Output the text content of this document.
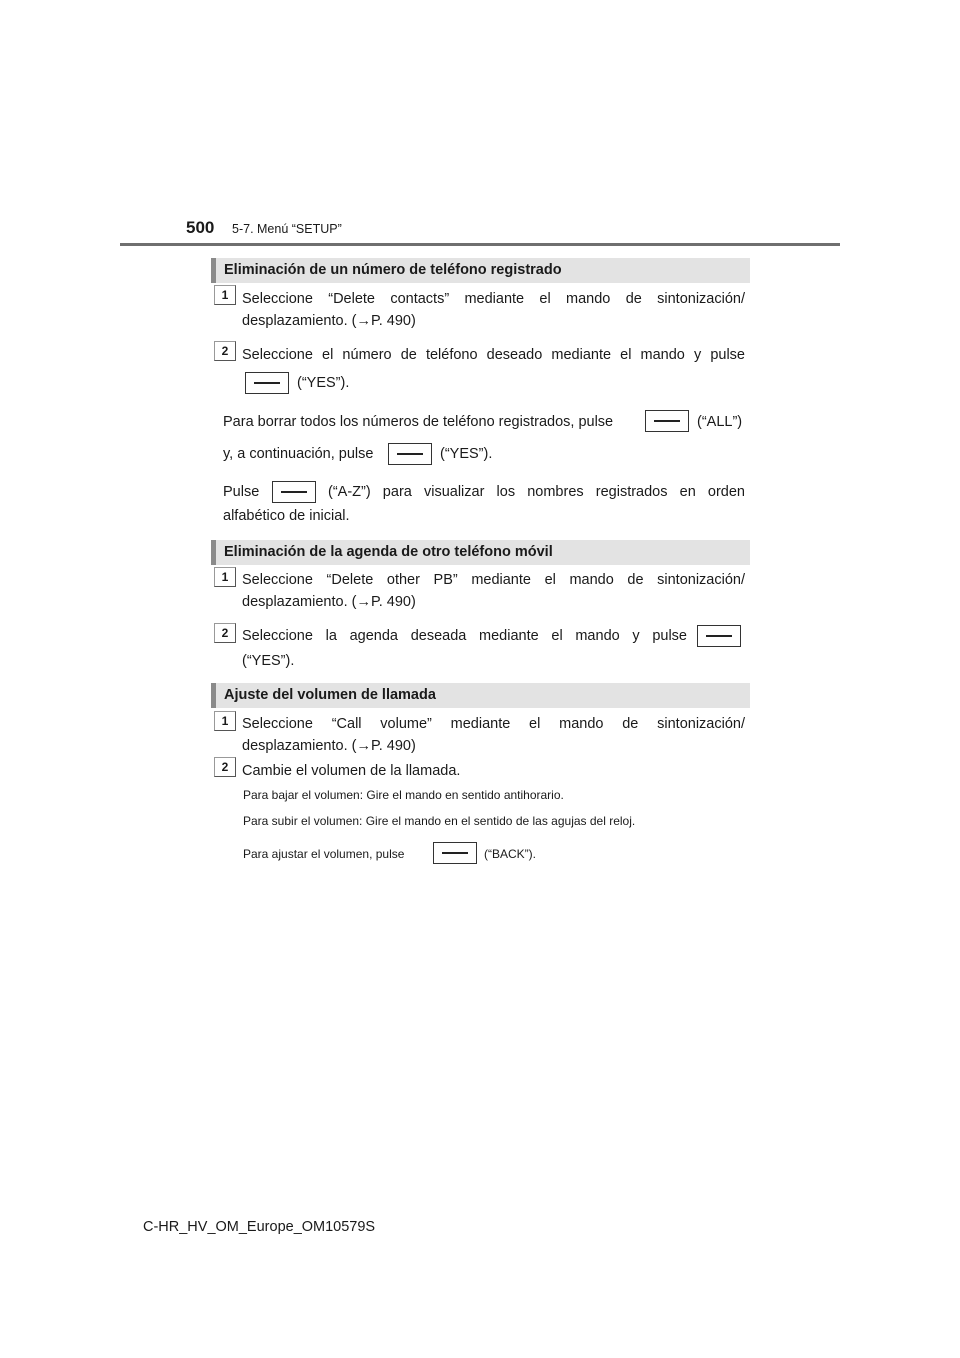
500 5-7. Menú “SETUP”
Eliminación de un número de teléfono registrado
1 Seleccione “Delete contacts” mediante el mando de sintonización/ desplazamiento. (→P. 490)

2 Seleccione el número de teléfono deseado mediante el mando y pulse

(“YES”).
Para borrar todos los números de teléfono registrados, pulse	(“ALL”)
y, a continuación, pulse	(“YES”).
Pulse	(“A-Z”) para visualizar los nombres registrados en orden

alfabético de inicial.
Eliminación de la agenda de otro teléfono móvil
1 Seleccione “Delete other PB” mediante el mando de sintonización/ desplazamiento. (→P. 490)

2 Seleccione la agenda deseada mediante el mando y pulse

(“YES”).
Ajuste del volumen de llamada
1 Seleccione “Call volume” mediante el mando de sintonización/ desplazamiento. (→P. 490)

2 Cambie el volumen de la llamada.

Para bajar el volumen: Gire el mando en sentido antihorario.

Para subir el volumen: Gire el mando en el sentido de las agujas del reloj.

Para ajustar el volumen, pulse	(“BACK”).
C-HR_HV_OM_Europe_OM10579S
